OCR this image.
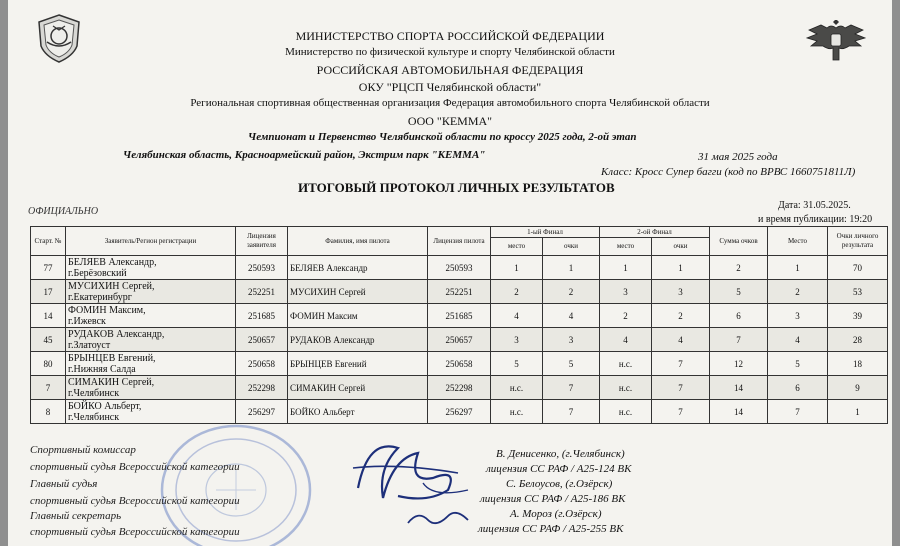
МИНИСТЕРСТВО СПОРТА РОССИЙСКОЙ ФЕДЕРАЦИИ
Министерство по физической культуре и спорту Челябинской области
РОССИЙСКАЯ АВТОМОБИЛЬНАЯ ФЕДЕРАЦИЯ
ОКУ "РЦСП Челябинской области"
Региональная спортивная общественная организация Федерация автомобильного спорта Челябинской области
ООО "КЕММА"
Чемпионат и Первенство Челябинской области по кроссу 2025 года, 2-ой этап
Челябинская область, Красноармейский район, Экстрим парк "КЕММА"	31 мая 2025 года
Класс: Кросс Супер багги (код по ВРВС 1660751811Л)
ИТОГОВЫЙ ПРОТОКОЛ ЛИЧНЫХ РЕЗУЛЬТАТОВ
ОФИЦИАЛЬНО
Дата: 31.05.2025.
и время публикации: 19:20
Старт. №	Заявитель/Регион регистрации	Лицензия заявителя	Фамилия, имя пилота	Лицензия пилота	1-ый Финал		2-ой Финал		Сумма очков	Место	Очки личного результата
					место	очки	место	очки			
77	БЕЛЯЕВ Александр,
г.Берёзовский	250593	БЕЛЯЕВ Александр	250593	1	1	1	1	2	1	70
17	МУСИХИН Сергей,
г.Екатеринбург	252251	МУСИХИН Сергей	252251	2	2	3	3	5	2	53
14	ФОМИН Максим,
г.Ижевск	251685	ФОМИН Максим	251685	4	4	2	2	6	3	39
45	РУДАКОВ Александр,
г.Златоуст	250657	РУДАКОВ Александр	250657	3	3	4	4	7	4	28
80	БРЫНЦЕВ Евгений,
г.Нижняя Салда	250658	БРЫНЦЕВ Евгений	250658	5	5	н.с.	7	12	5	18
7	СИМАКИН Сергей,
г.Челябинск	252298	СИМАКИН Сергей	252298	н.с.	7	н.с.	7	14	6	9
8	БОЙКО Альберт,
г.Челябинск	256297	БОЙКО Альберт	256297	н.с.	7	н.с.	7	14	7	1
Спортивный комиссар
спортивный судья Всероссийской категории
Главный судья
спортивный судья Всероссийской категории
Главный секретарь
спортивный судья Всероссийской категории
В. Денисенко, (г.Челябинск)
лицензия СС РАФ / А25-124 ВК
С. Белоусов, (г.Озёрск)
лицензия СС РАФ / А25-186 ВК
А. Мороз (г.Озёрск)
лицензия СС РАФ / А25-255 ВК
